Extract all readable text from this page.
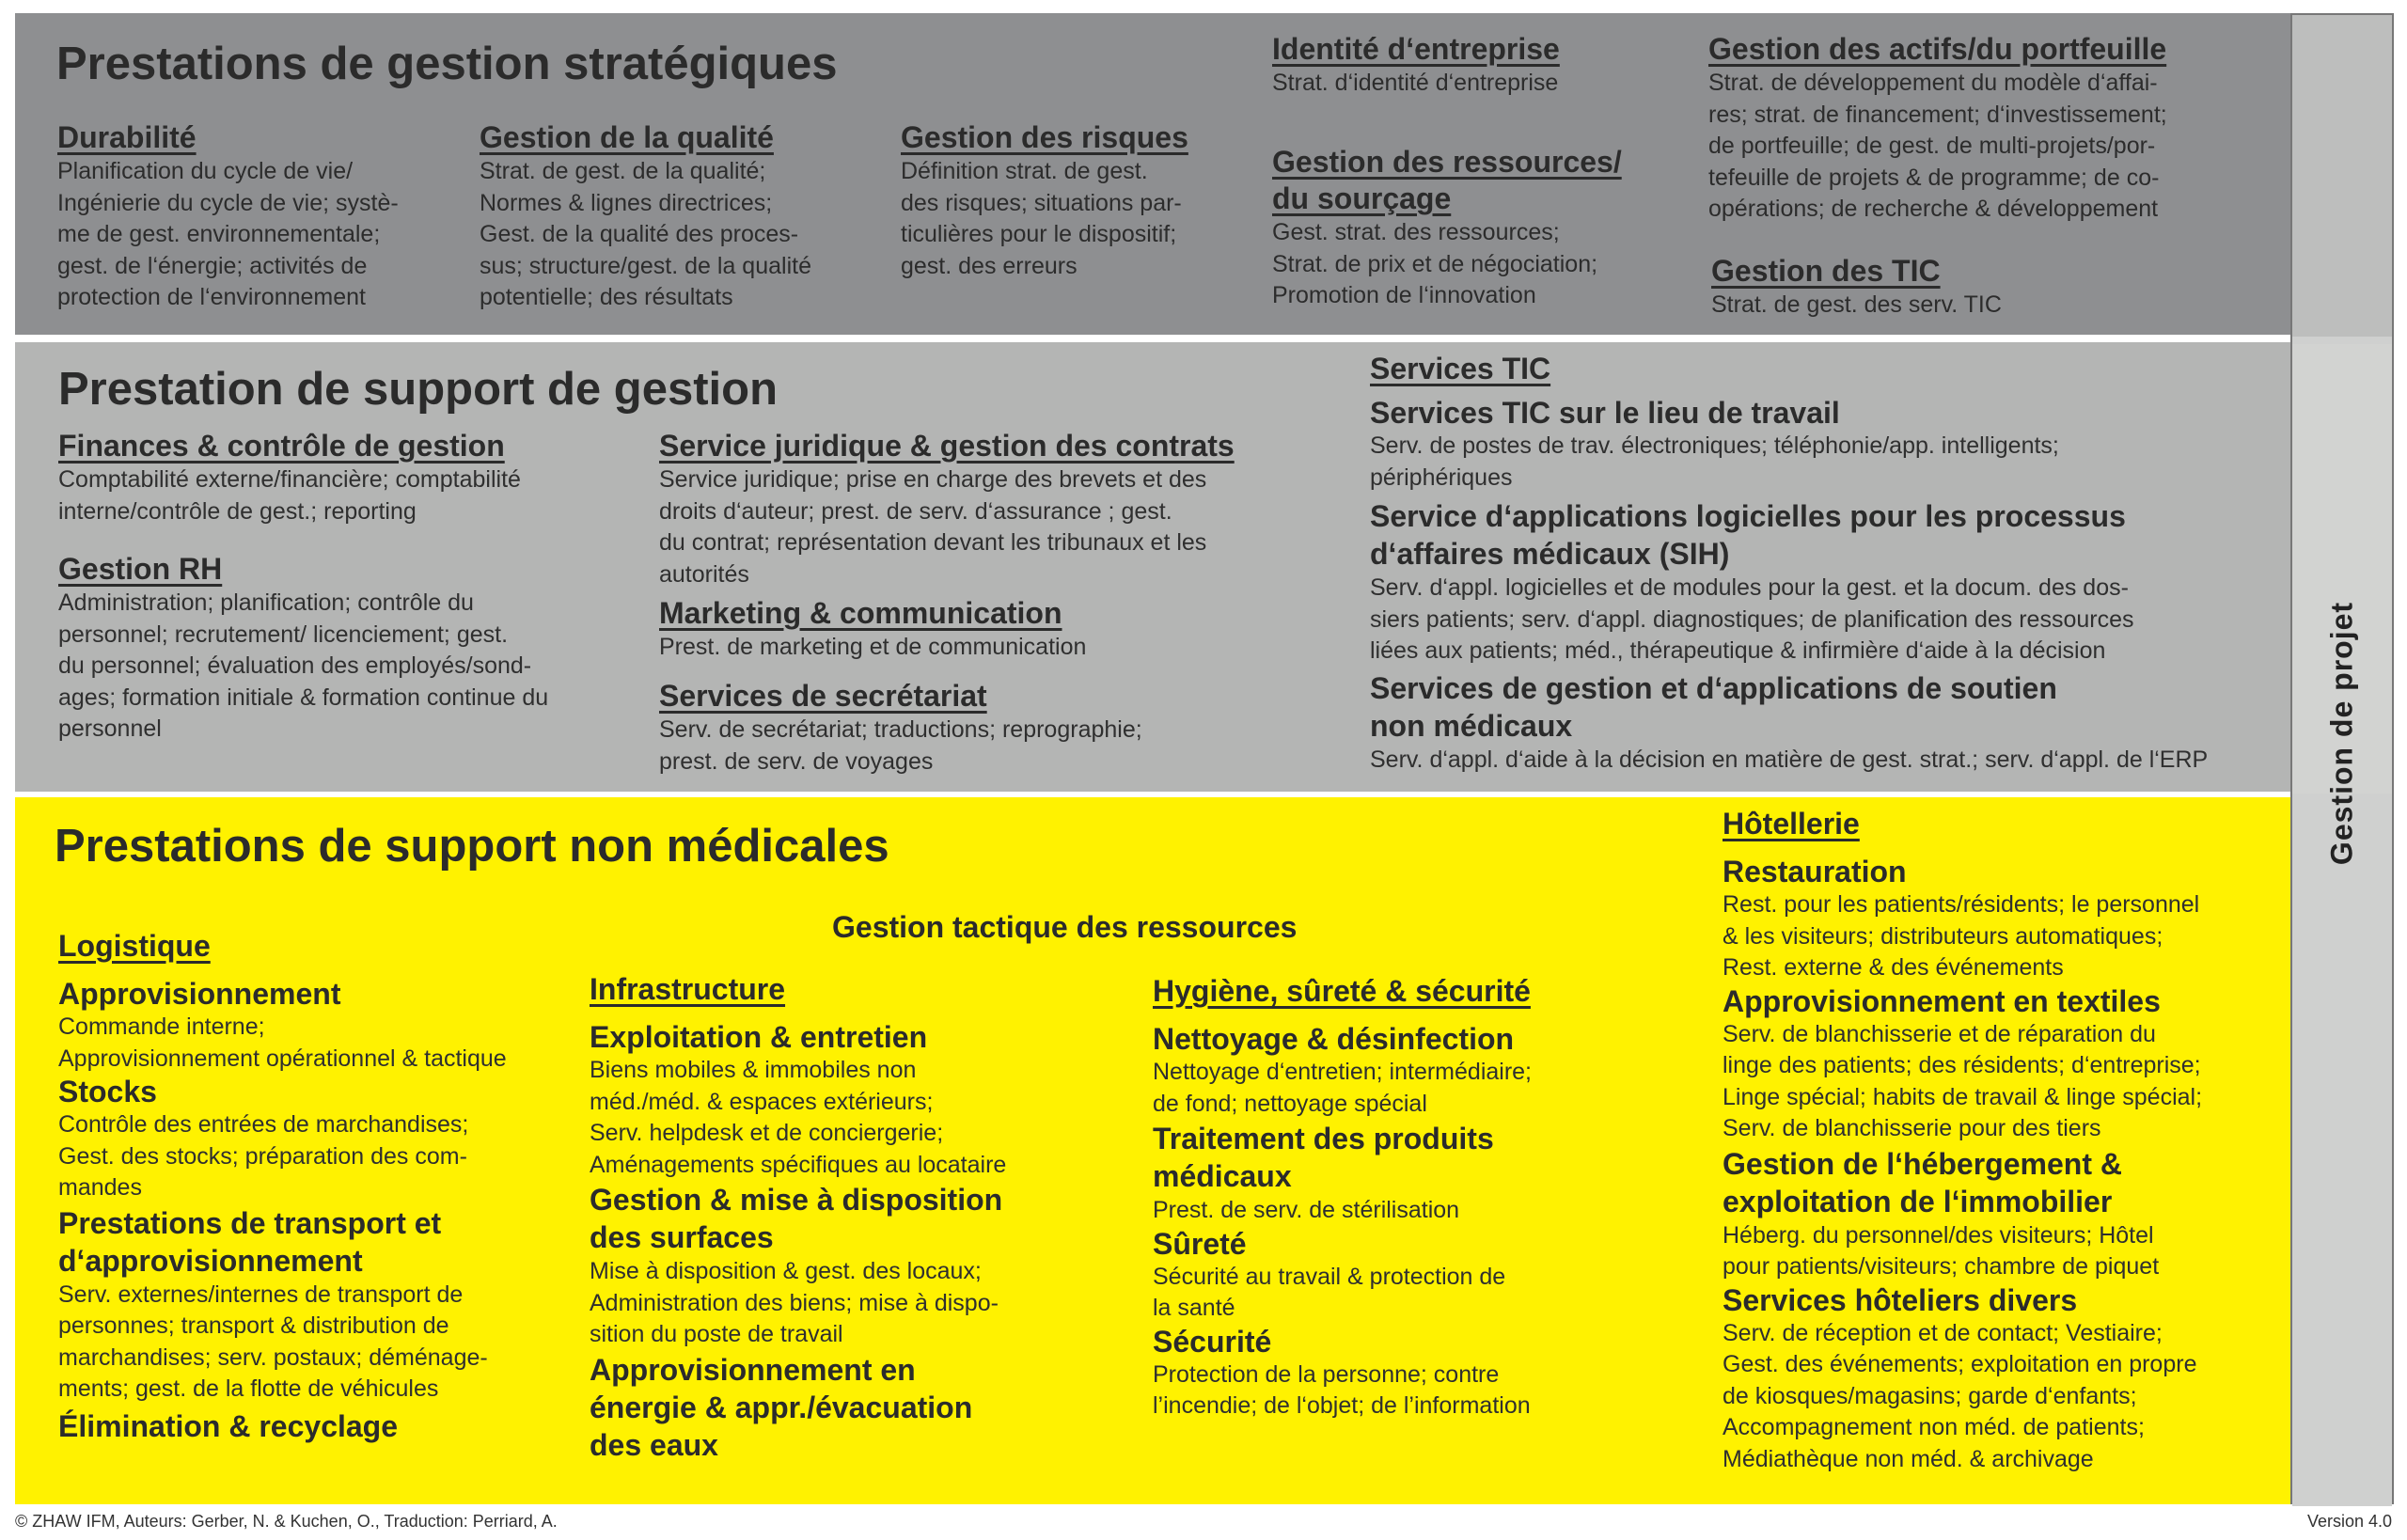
Gestion de projet
Prestations de gestion stratégiques
Durabilité
Planification du cycle de vie/
Ingénierie du cycle de vie; systè-
me de gest. environnementale;
gest. de l‘énergie; activités de
protection de l‘environnement
Gestion de la qualité
Strat. de gest. de la qualité;
Normes & lignes directrices;
Gest. de la qualité des proces-
sus; structure/gest. de la qualité
potentielle; des résultats
Gestion des risques
Définition strat. de gest.
des risques; situations par-
ticulières pour le dispositif;
gest. des erreurs
Identité d‘entreprise
Strat. d‘identité d‘entreprise
Gestion des ressources/
du sourçage
Gest. strat. des ressources;
Strat. de prix et de négociation;
Promotion de l‘innovation
Gestion des actifs/du portfeuille
Strat. de développement du modèle d‘affai-
res; strat. de financement; d‘investissement;
de portfeuille; de gest. de multi-projets/por-
tefeuille de projets & de programme; de co-
opérations; de recherche & développement
Gestion des TIC
Strat. de gest. des serv. TIC
Prestation de support de gestion
Finances & contrôle de gestion
Comptabilité externe/financière; comptabilité
interne/contrôle de gest.; reporting
Gestion RH
Administration; planification; contrôle du
personnel; recrutement/ licenciement; gest.
du personnel; évaluation des employés/sond-
ages; formation initiale & formation continue du
personnel
Service juridique & gestion des contrats
Service juridique; prise en charge des brevets et des
droits d‘auteur; prest. de serv. d‘assurance ; gest.
du contrat; représentation devant les tribunaux et les
autorités
Marketing & communication
Prest. de marketing et de communication
Services de secrétariat
Serv. de secrétariat; traductions; reprographie;
prest. de serv. de voyages
Services TIC
Services TIC sur le lieu de travail
Serv. de postes de trav. électroniques; téléphonie/app. intelligents;
périphériques
Service d‘applications logicielles pour les processus
d‘affaires médicaux (SIH)
Serv. d‘appl. logicielles et de modules pour la gest. et la docum. des dos-
siers patients; serv. d‘appl. diagnostiques; de planification des ressources
liées aux patients; méd., thérapeutique & infirmière d‘aide à la décision
Services de gestion et d‘applications de soutien
non médicaux
Serv. d‘appl. d‘aide à la décision en matière de gest. strat.; serv. d‘appl. de l‘ERP
Prestations de support non médicales
Gestion tactique des ressources
Logistique
Approvisionnement
Commande interne;
Approvisionnement opérationnel & tactique
Stocks
Contrôle des entrées de marchandises;
Gest. des stocks; préparation des com-
mandes
Prestations de transport et
d‘approvisionnement
Serv. externes/internes de transport de
personnes; transport & distribution de
marchandises; serv. postaux; déménage-
ments; gest. de la flotte de véhicules
Élimination & recyclage
Infrastructure
Exploitation & entretien
Biens mobiles & immobiles non
méd./méd. & espaces extérieurs;
Serv. helpdesk et de conciergerie;
Aménagements spécifiques au locataire
Gestion & mise à disposition
des surfaces
Mise à disposition & gest. des locaux;
Administration des biens; mise à dispo-
sition du poste de travail
Approvisionnement en
énergie & appr./évacuation
des eaux
Hygiène, sûreté & sécurité
Nettoyage & désinfection
Nettoyage d‘entretien; intermédiaire;
de fond; nettoyage spécial
Traitement des produits
médicaux
Prest. de serv. de stérilisation
Sûreté
Sécurité au travail & protection de
la santé
Sécurité
Protection de la personne; contre
l’incendie; de l‘objet; de l’information
Hôtellerie
Restauration
Rest. pour les patients/résidents; le personnel
& les visiteurs; distributeurs automatiques;
Rest. externe & des événements
Approvisionnement en textiles
Serv. de blanchisserie et de réparation du
linge des patients; des résidents; d‘entreprise;
Linge spécial; habits de travail & linge spécial;
Serv. de blanchisserie pour des tiers
Gestion de l‘hébergement &
exploitation de l‘immobilier
Héberg. du personnel/des visiteurs; Hôtel
pour patients/visiteurs; chambre de piquet
Services hôteliers divers
Serv. de réception et de contact; Vestiaire;
Gest. des événements; exploitation en propre
de kiosques/magasins; garde d‘enfants;
Accompagnement non méd. de patients;
Médiathèque non méd. & archivage
© ZHAW IFM, Auteurs: Gerber, N. & Kuchen, O., Traduction: Perriard, A.	Version 4.0
